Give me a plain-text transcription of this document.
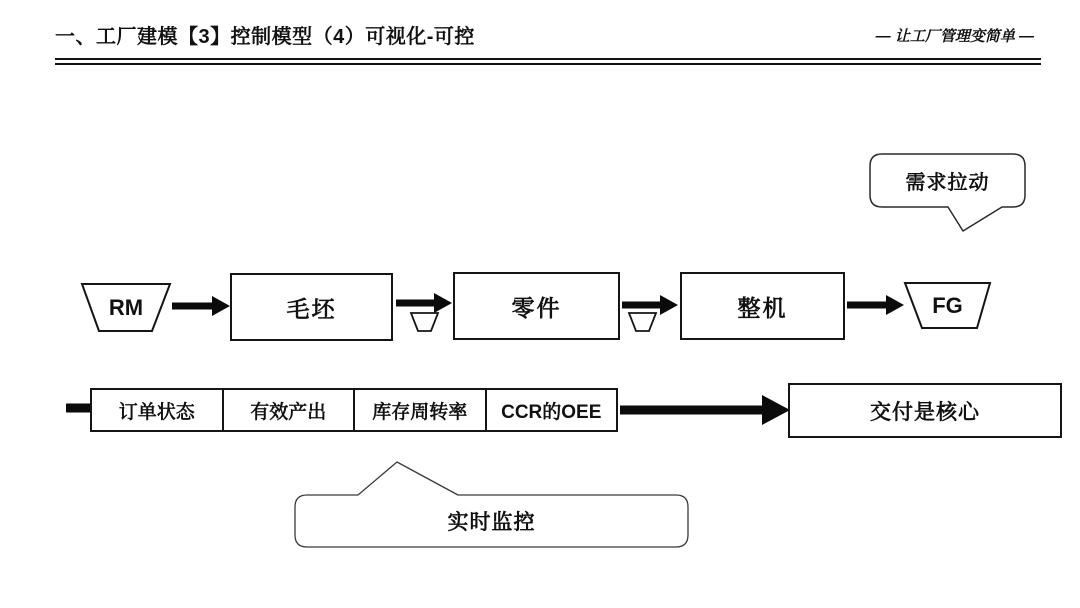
一、工厂建模【3】控制模型（4）可视化-可控	— 让工厂管理变简单 —
RM	毛坯	零件	整机	FG
需求拉动
订单状态	有效产出	库存周转率	CCR的OEE	交付是核心
实时监控
